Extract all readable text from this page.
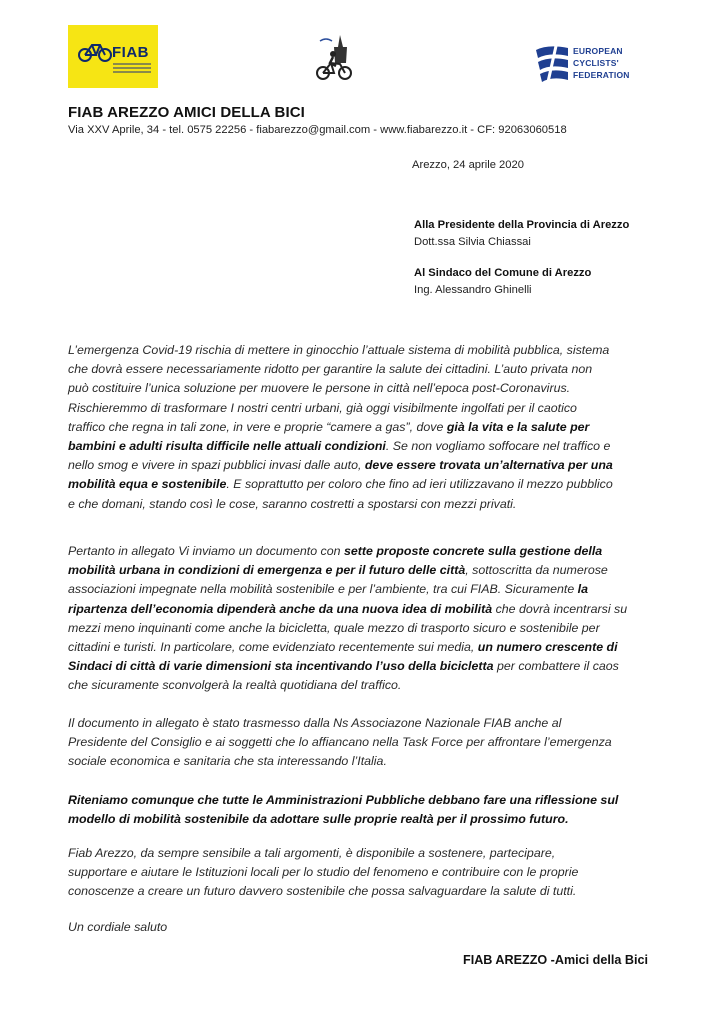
FIAB	EUROPEAN
CYCLISTS'
FEDERATION
FIAB AREZZO AMICI DELLA BICI
Via XXV Aprile, 34 - tel. 0575 22256 - fiabarezzo@gmail.com - www.fiabarezzo.it - CF: 92063060518
Arezzo, 24 aprile 2020
Alla Presidente della Provincia di Arezzo
Dott.ssa Silvia Chiassai
Al Sindaco del Comune di Arezzo
Ing. Alessandro Ghinelli
L’emergenza Covid-19 rischia di mettere in ginocchio l’attuale sistema di mobilità pubblica, sistema
che dovrà essere necessariamente ridotto per garantire la salute dei cittadini. L’auto privata non
può costituire l’unica soluzione per muovere le persone in città nell’epoca post-Coronavirus.
Rischieremmo di trasformare I nostri centri urbani, già oggi visibilmente ingolfati per il caotico
traffico che regna in tali zone, in vere e proprie “camere a gas”, dove già la vita e la salute per
bambini e adulti risulta difficile nelle attuali condizioni. Se non vogliamo soffocare nel traffico e
nello smog e vivere in spazi pubblici invasi dalle auto, deve essere trovata un’alternativa per una
mobilità equa e sostenibile. E soprattutto per coloro che fino ad ieri utilizzavano il mezzo pubblico
e che domani, stando così le cose, saranno costretti a spostarsi con mezzi privati.
Pertanto in allegato Vi inviamo un documento con sette proposte concrete sulla gestione della
mobilità urbana in condizioni di emergenza e per il futuro delle città, sottoscritta da numerose
associazioni impegnate nella mobilità sostenibile e per l’ambiente, tra cui FIAB. Sicuramente la
ripartenza dell’economia dipenderà anche da una nuova idea di mobilità che dovrà incentrarsi su
mezzi meno inquinanti come anche la bicicletta, quale mezzo di trasporto sicuro e sostenibile per
cittadini e turisti. In particolare, come evidenziato recentemente sui media, un numero crescente di
Sindaci di città di varie dimensioni sta incentivando l’uso della bicicletta per combattere il caos
che sicuramente sconvolgerà la realtà quotidiana del traffico.
Il documento in allegato è stato trasmesso dalla Ns Associazone Nazionale FIAB anche al
Presidente del Consiglio e ai soggetti che lo affiancano nella Task Force per affrontare l’emergenza
sociale economica e sanitaria che sta interessando l’Italia.
Riteniamo comunque che tutte le Amministrazioni Pubbliche debbano fare una riflessione sul
modello di mobilità sostenibile da adottare sulle proprie realtà per il prossimo futuro.
Fiab Arezzo, da sempre sensibile a tali argomenti, è disponibile a sostenere, partecipare,
supportare e aiutare le Istituzioni locali per lo studio del fenomeno e contribuire con le proprie
conoscenze a creare un futuro davvero sostenibile che possa salvaguardare la salute di tutti.
Un cordiale saluto
FIAB AREZZO -Amici della Bici
